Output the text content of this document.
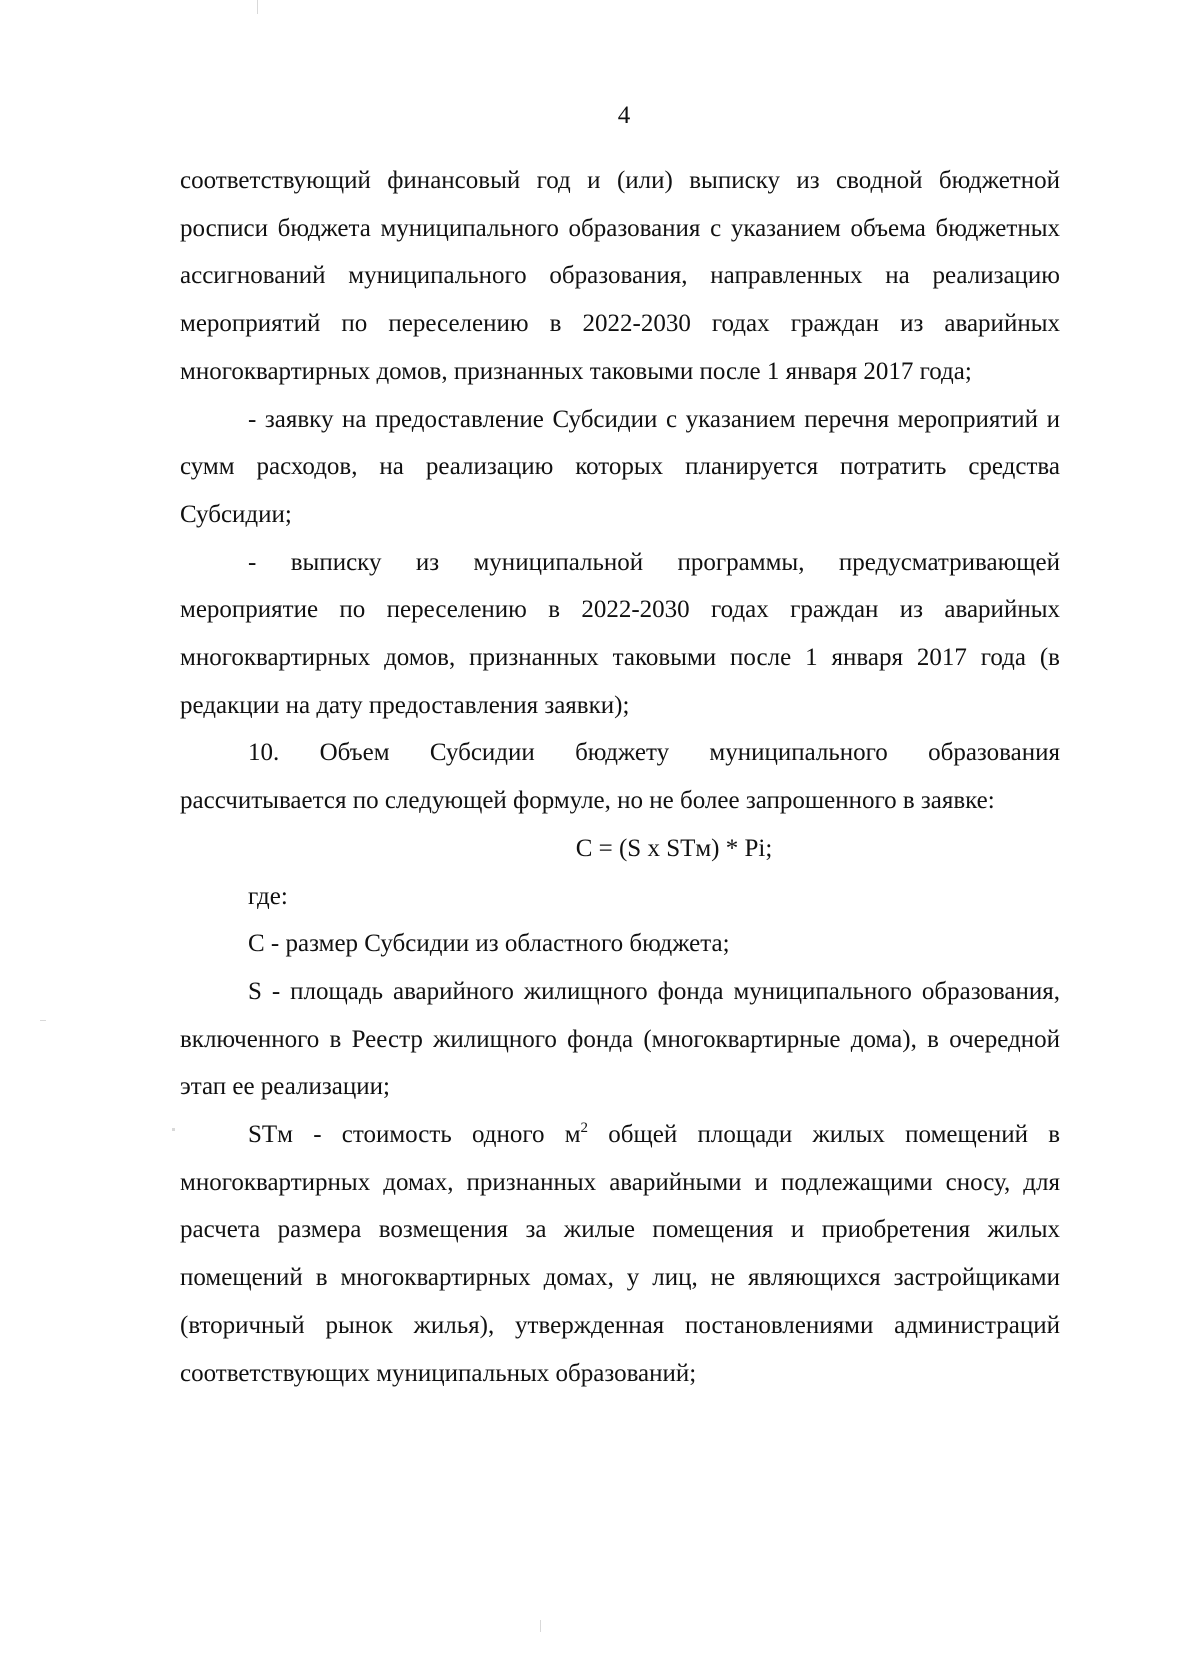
4

соответствующий финансовый год и (или) выписку из сводной бюджетной росписи бюджета муниципального образования с указанием объема бюджетных ассигнований муниципального образования, направленных на реализацию мероприятий по переселению в 2022-2030 годах граждан из аварийных многоквартирных домов, признанных таковыми после 1 января 2017 года;

- заявку на предоставление Субсидии с указанием перечня мероприятий и сумм расходов, на реализацию которых планируется потратить средства Субсидии;

- выписку из муниципальной программы, предусматривающей мероприятие по переселению в 2022-2030 годах граждан из аварийных многоквартирных домов, признанных таковыми после 1 января 2017 года (в редакции на дату предоставления заявки);

10. Объем Субсидии бюджету муниципального образования рассчитывается по следующей формуле, но не более запрошенного в заявке:

С = (S х STм) * Pi;

где:

С - размер Субсидии из областного бюджета;

S - площадь аварийного жилищного фонда муниципального образования, включенного в Реестр жилищного фонда (многоквартирные дома), в очередной этап ее реализации;

STм - стоимость одного $м^2$ общей площади жилых помещений в многоквартирных домах, признанных аварийными и подлежащими сносу, для расчета размера возмещения за жилые помещения и приобретения жилых помещений в многоквартирных домах, у лиц, не являющихся застройщиками (вторичный рынок жилья), утвержденная постановлениями администраций соответствующих муниципальных образований;
